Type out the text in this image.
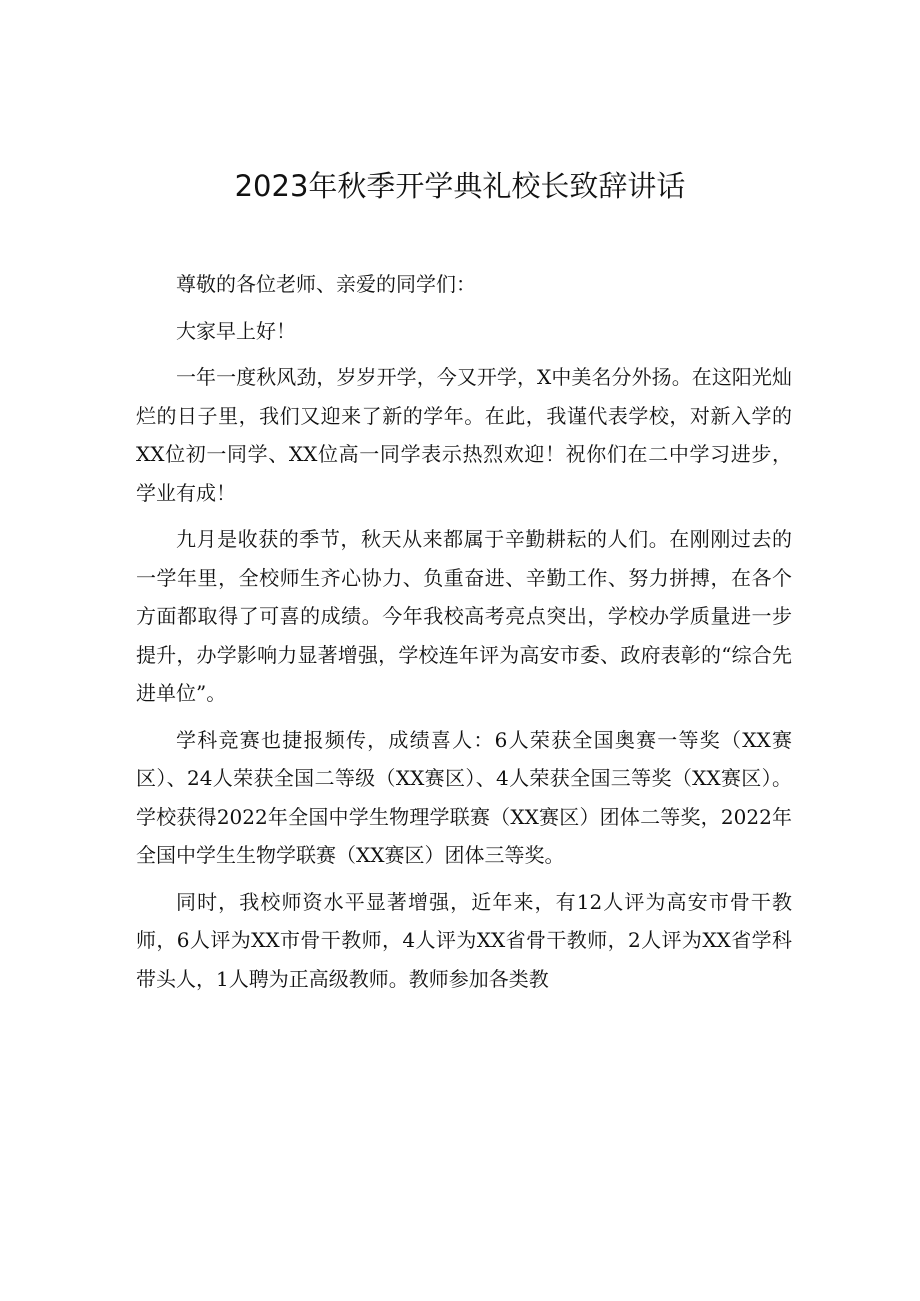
2023年秋季开学典礼校长致辞讲话

尊敬的各位老师、亲爱的同学们：

大家早上好！

一年一度秋风劲，岁岁开学，今又开学，X中美名分外扬。在这阳光灿烂的日子里，我们又迎来了新的学年。在此，我谨代表学校，对新入学的XX位初一同学、XX位高一同学表示热烈欢迎！祝你们在二中学习进步，学业有成！

九月是收获的季节，秋天从来都属于辛勤耕耘的人们。在刚刚过去的一学年里，全校师生齐心协力、负重奋进、辛勤工作、努力拼搏，在各个方面都取得了可喜的成绩。今年我校高考亮点突出，学校办学质量进一步提升，办学影响力显著增强，学校连年评为高安市委、政府表彰的“综合先进单位”。

学科竞赛也捷报频传，成绩喜人：6人荣获全国奥赛一等奖（XX赛区）、24人荣获全国二等级（XX赛区）、4人荣获全国三等奖（XX赛区）。学校获得2022年全国中学生物理学联赛（XX赛区）团体二等奖，2022年全国中学生生物学联赛（XX赛区）团体三等奖。

同时，我校师资水平显著增强，近年来，有12人评为高安市骨干教师，6人评为XX市骨干教师，4人评为XX省骨干教师，2人评为XX省学科带头人，1人聘为正高级教师。教师参加各类教
